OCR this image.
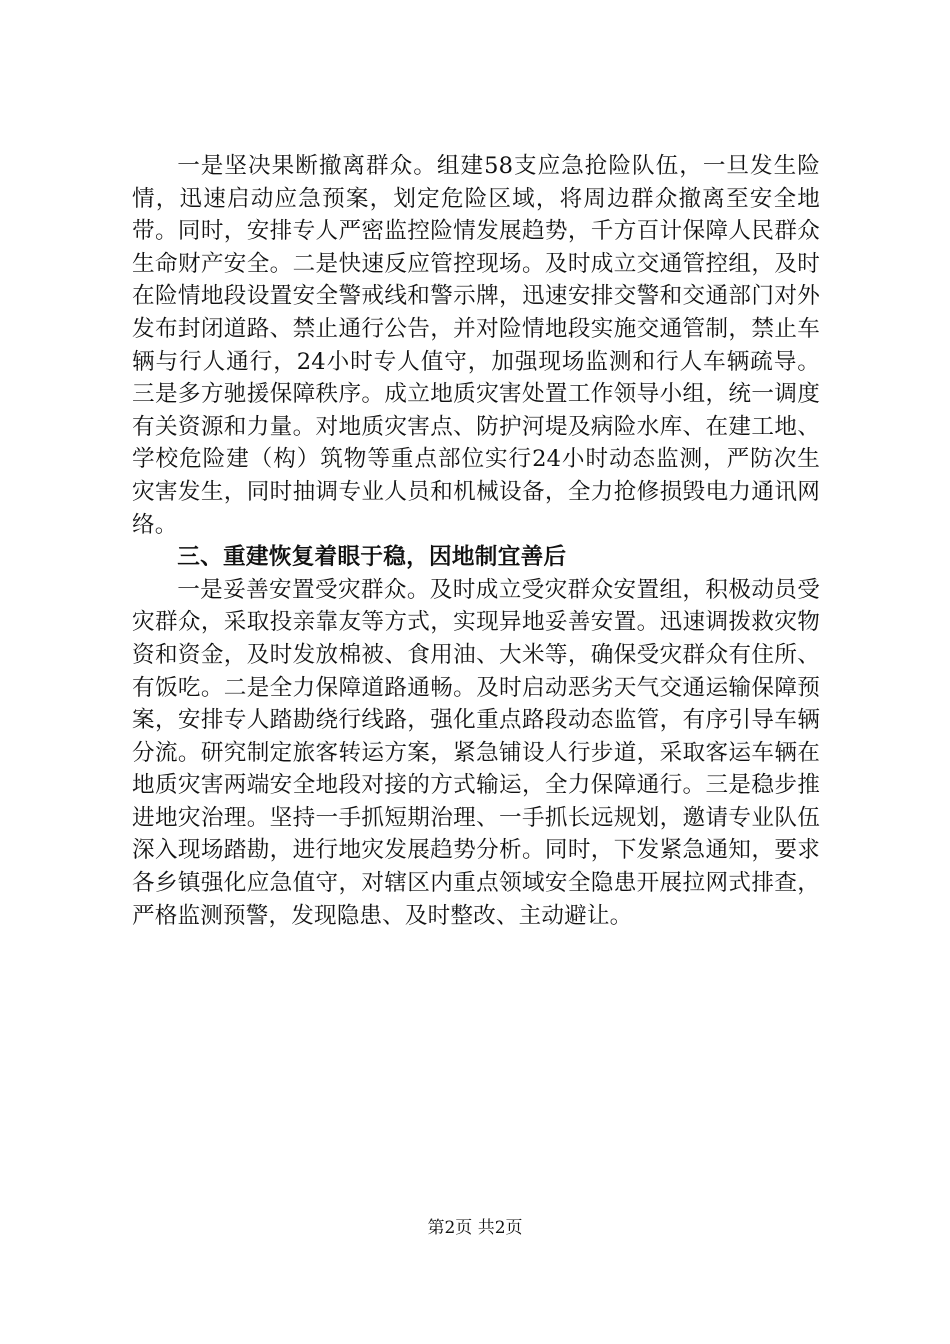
一是坚决果断撤离群众。组建58支应急抢险队伍，一旦发生险情，迅速启动应急预案，划定危险区域，将周边群众撤离至安全地带。同时，安排专人严密监控险情发展趋势，千方百计保障人民群众生命财产安全。二是快速反应管控现场。及时成立交通管控组，及时在险情地段设置安全警戒线和警示牌，迅速安排交警和交通部门对外发布封闭道路、禁止通行公告，并对险情地段实施交通管制，禁止车辆与行人通行，24小时专人值守，加强现场监测和行人车辆疏导。三是多方驰援保障秩序。成立地质灾害处置工作领导小组，统一调度有关资源和力量。对地质灾害点、防护河堤及病险水库、在建工地、学校危险建（构）筑物等重点部位实行24小时动态监测，严防次生灾害发生，同时抽调专业人员和机械设备，全力抢修损毁电力通讯网络。

三、重建恢复着眼于稳，因地制宜善后

一是妥善安置受灾群众。及时成立受灾群众安置组，积极动员受灾群众，采取投亲靠友等方式，实现异地妥善安置。迅速调拨救灾物资和资金，及时发放棉被、食用油、大米等，确保受灾群众有住所、有饭吃。二是全力保障道路通畅。及时启动恶劣天气交通运输保障预案，安排专人踏勘绕行线路，强化重点路段动态监管，有序引导车辆分流。研究制定旅客转运方案，紧急铺设人行步道，采取客运车辆在地质灾害两端安全地段对接的方式输运，全力保障通行。三是稳步推进地灾治理。坚持一手抓短期治理、一手抓长远规划，邀请专业队伍深入现场踏勘，进行地灾发展趋势分析。同时，下发紧急通知，要求各乡镇强化应急值守，对辖区内重点领域安全隐患开展拉网式排查，严格监测预警，发现隐患、及时整改、主动避让。

第2页 共2页
